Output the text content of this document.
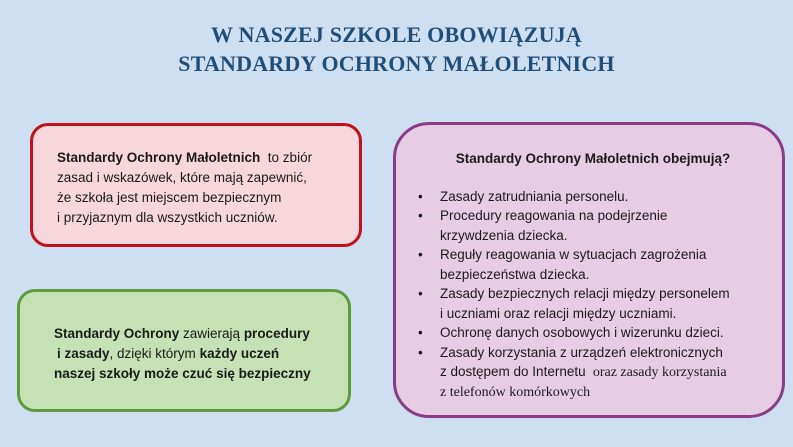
W NASZEJ SZKOLE OBOWIĄZUJĄ
STANDARDY OCHRONY MAŁOLETNICH
Standardy Ochrony Małoletnich  to zbiór
zasad i wskazówek, które mają zapewnić,
że szkoła jest miejscem bezpiecznym
i przyjaznym dla wszystkich uczniów.
Standardy Ochrony zawierają procedury
i zasady, dzięki którym każdy uczeń
naszej szkoły może czuć się bezpieczny
Standardy Ochrony Małoletnich obejmują?
• Zasady zatrudniania personelu.
• Procedury reagowania na podejrzenie
krzywdzenia dziecka.
• Reguły reagowania w sytuacjach zagrożenia
bezpieczeństwa dziecka.
• Zasady bezpiecznych relacji między personelem
i uczniami oraz relacji między uczniami.
• Ochronę danych osobowych i wizerunku dzieci.
• Zasady korzystania z urządzeń elektronicznych
z dostępem do Internetu  oraz zasady korzystania
z telefonów komórkowych
